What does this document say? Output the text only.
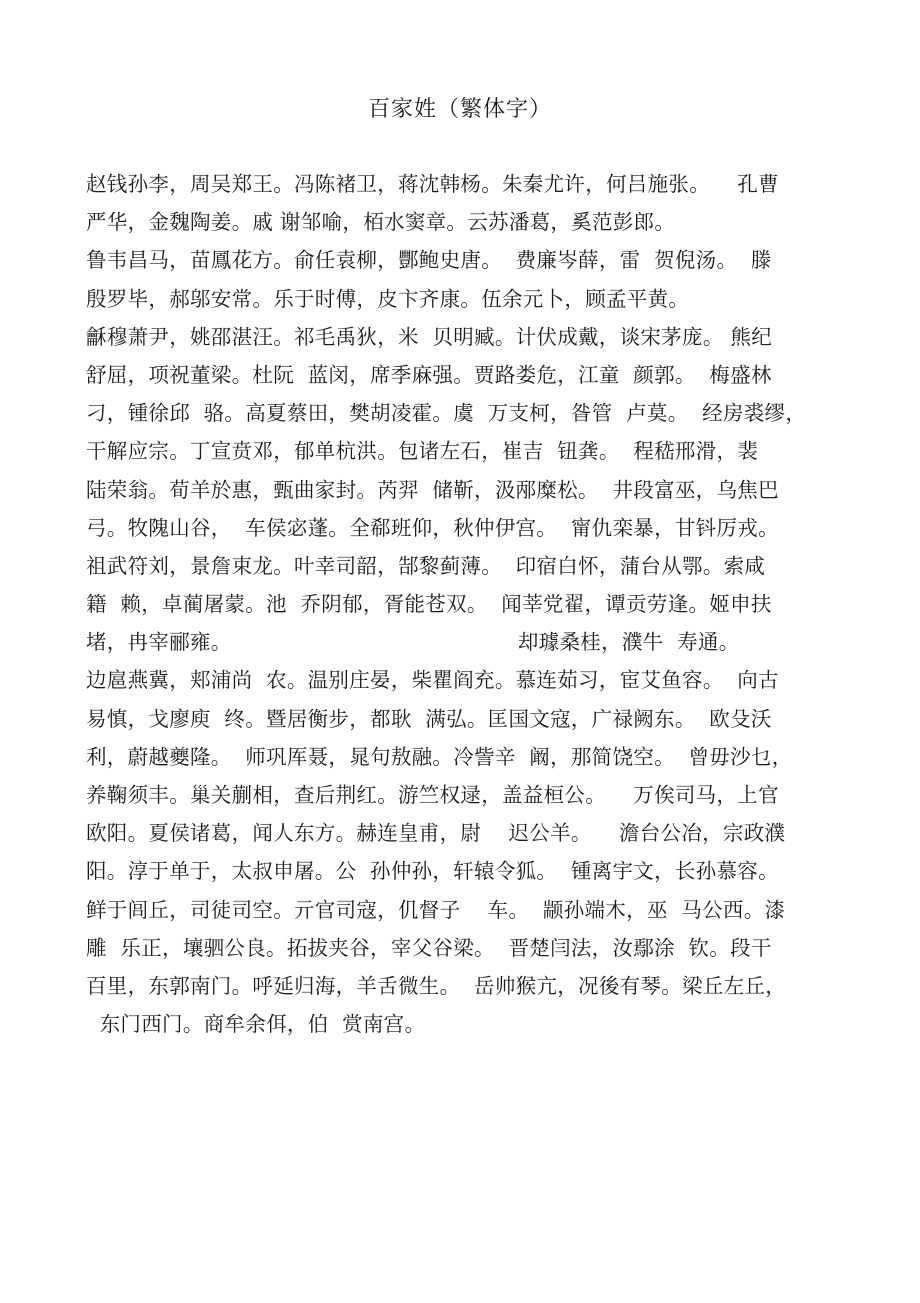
百家姓（繁体字）
赵钱孙李，周吴郑王。冯陈褚卫，蒋沈韩杨。朱秦尤许，何吕施张。    孔曹
严华，金魏陶姜。戚 谢邹喻，栢水窦章。云苏潘葛，奚范彭郎。
鲁韦昌马，苗鳳花方。俞任袁柳，酆鲍史唐。  费廉岑薛，雷  贺倪汤。  滕
殷罗毕，郝邬安常。乐于时傅，皮卞齐康。伍余元卜，顾孟平黄。
龢穆萧尹，姚邵湛汪。祁毛禹狄，米  贝明臧。计伏成戴，谈宋茅庞。 熊纪
舒屈，项祝董梁。杜阮  蓝闵，席季麻强。贾路娄危，江童  颜郭。  梅盛林
刁，锺徐邱  骆。高夏蔡田，樊胡凌霍。虞  万支柯，昝管  卢莫。  经房裘缪，
干解应宗。丁宣贲邓，郁单杭洪。包诸左石，崔吉  钮龚。  程嵇邢滑，裴
陆荣翁。荀羊於惠，甄曲家封。芮羿  储靳，汲邴糜松。  井段富巫，乌焦巴
弓。牧隗山谷，  车侯宓蓬。全郗班仰，秋仲伊宫。  甯仇栾暴，甘钭厉戎。
祖武符刘，景詹束龙。叶幸司韶，郜黎蓟薄。  印宿白怀，蒲台从鄂。索咸
籍  赖，卓蔺屠蒙。池  乔阴郁，胥能苍双。  闻莘党翟，谭贡劳逢。姬申扶
堵，冉宰郦雍。                                          却璩桑桂，濮牛  寿通。
边扈燕冀，郏浦尚  农。温别庄晏，柴瞿阎充。慕连茹习，宦艾鱼容。  向古
易慎，戈廖庾  终。暨居衡步，都耿  满弘。匡国文寇，广禄阙东。  欧殳沃
利，蔚越夔隆。  师巩厍聂，晁句敖融。冷訾辛  阚，那简饶空。  曾毋沙乜，
养鞠须丰。巢关蒯相，查后荆红。游竺权逯，盖益桓公。    万俟司马，上官
欧阳。夏侯诸葛，闻人东方。赫连皇甫，尉    迟公羊。    澹台公冶，宗政濮
阳。淳于单于，太叔申屠。公  孙仲孙，轩辕令狐。  锺离宇文，长孙慕容。
鲜于闾丘，司徒司空。亓官司寇，仉督子    车。  颛孙端木，巫  马公西。漆
雕  乐正，壤驷公良。拓拔夹谷，宰父谷梁。  晋楚闫法，汝鄢涂  钦。段干
百里，东郭南门。呼延归海，羊舌微生。  岳帅猴亢，况後有琴。梁丘左丘，
东门西门。商牟余佴，伯  赏南宫。
